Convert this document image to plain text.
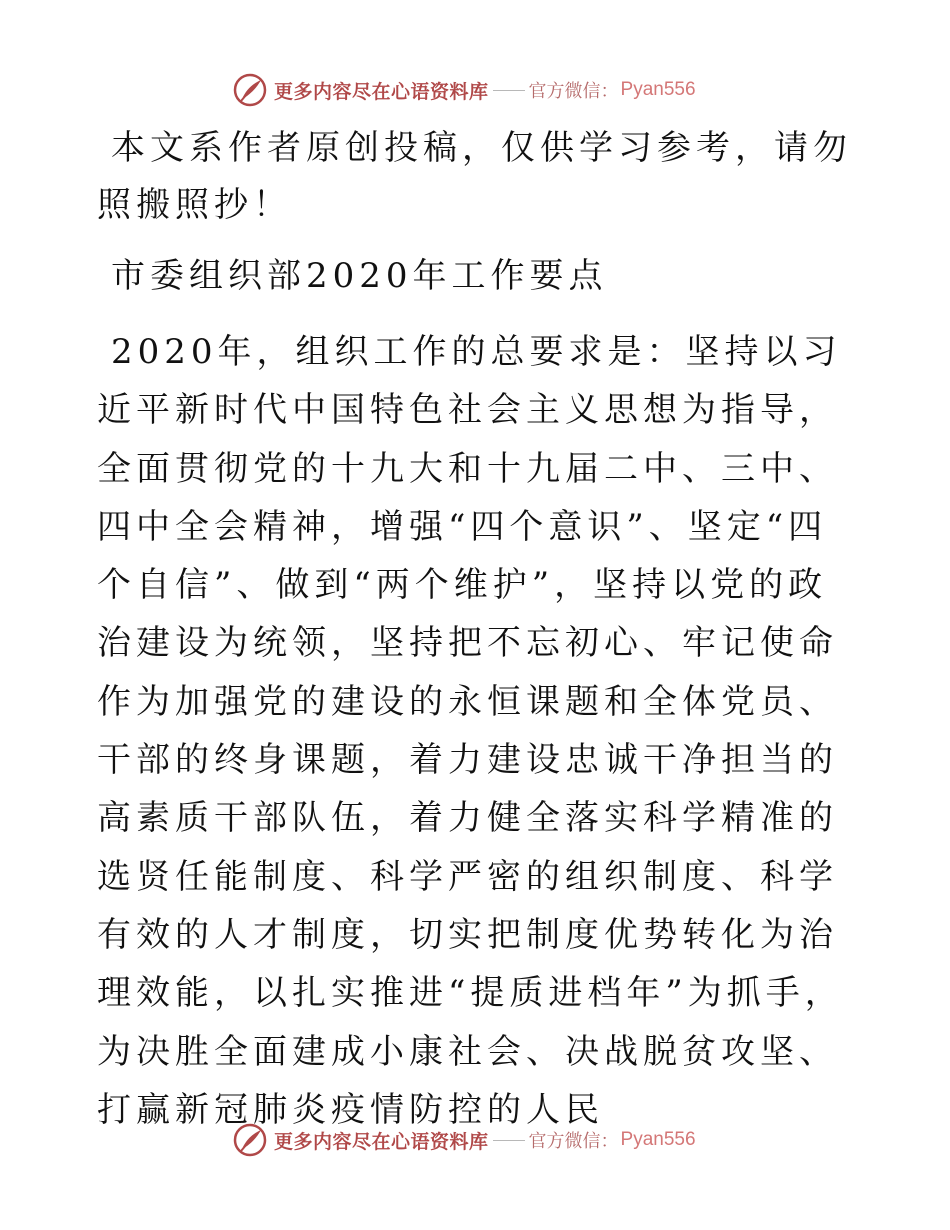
更多内容尽在心语资料库 官方微信： Pyan556
本文系作者原创投稿，仅供学习参考，请勿照搬照抄！
市委组织部2020年工作要点
2020年，组织工作的总要求是：坚持以习近平新时代中国特色社会主义思想为指导，全面贯彻党的十九大和十九届二中、三中、四中全会精神，增强“四个意识”、坚定“四个自信”、做到“两个维护”，坚持以党的政治建设为统领，坚持把不忘初心、牢记使命作为加强党的建设的永恒课题和全体党员、干部的终身课题，着力建设忠诚干净担当的高素质干部队伍，着力健全落实科学精准的选贤任能制度、科学严密的组织制度、科学有效的人才制度，切实把制度优势转化为治理效能，以扎实推进“提质进档年”为抓手，为决胜全面建成小康社会、决战脱贫攻坚、打赢新冠肺炎疫情防控的人民
更多内容尽在心语资料库 官方微信： Pyan556
